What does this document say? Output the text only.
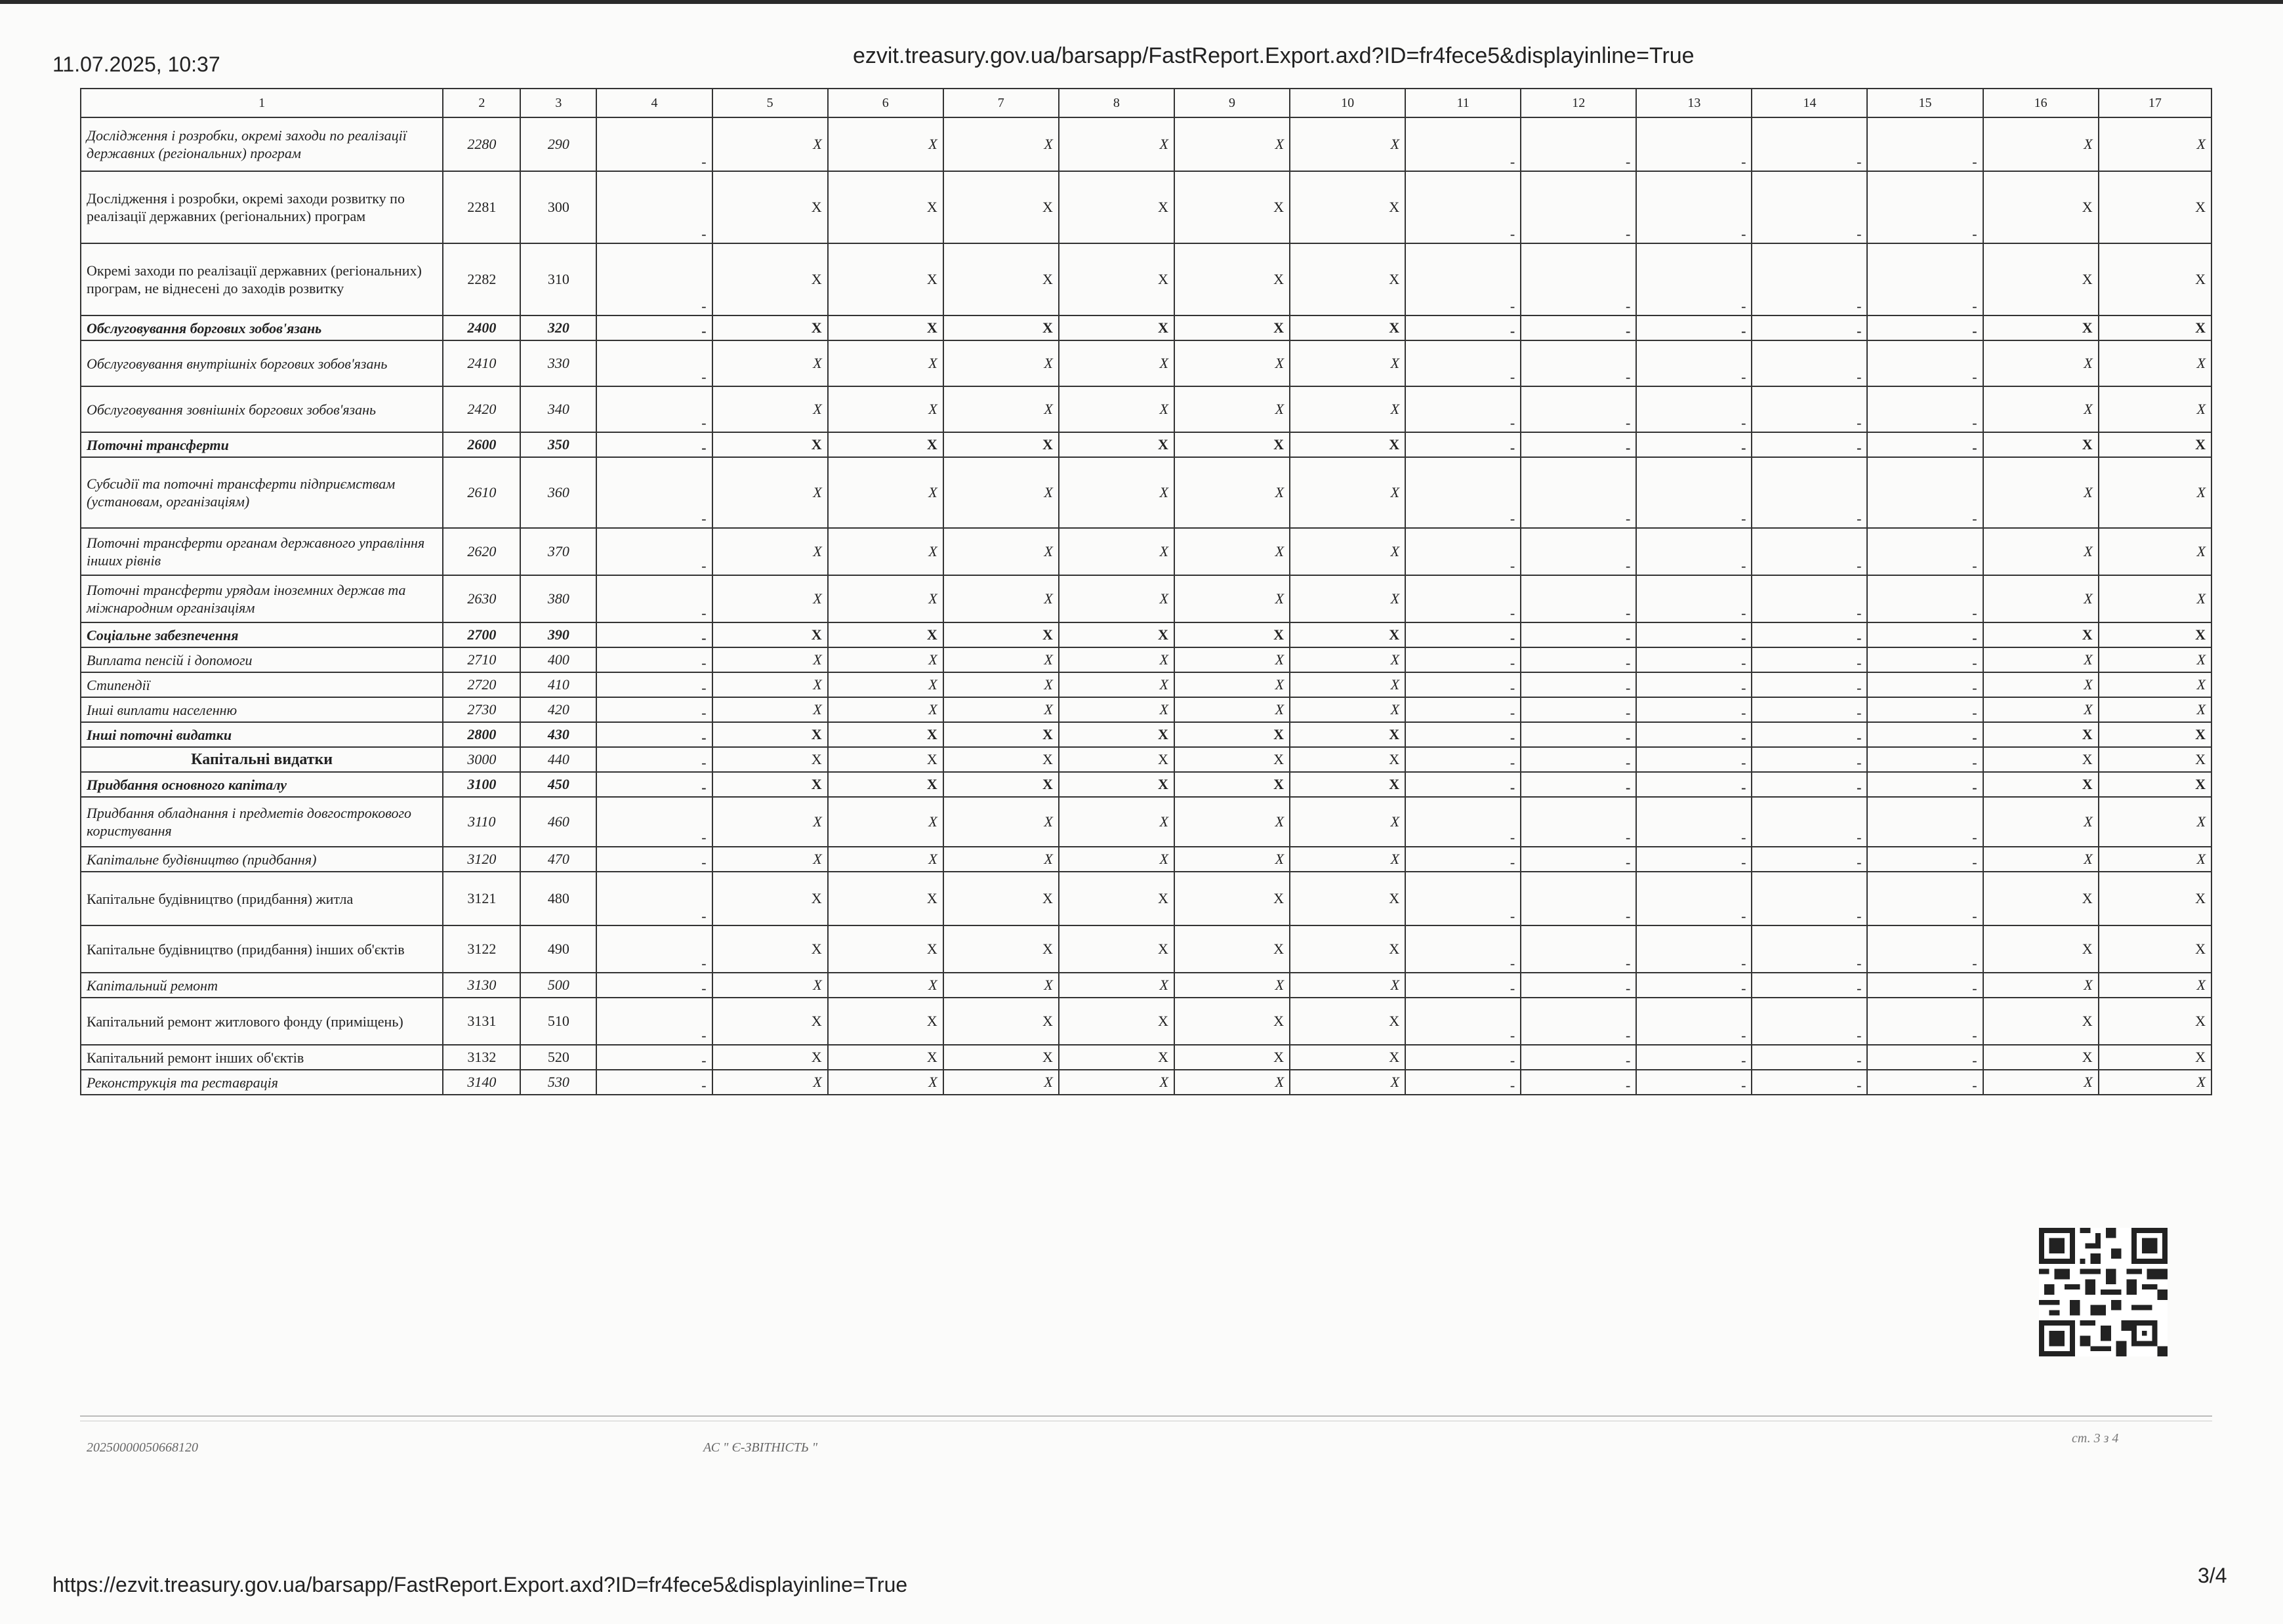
11.07.2025, 10:37	ezvit.treasury.gov.ua/barsapp/FastReport.Export.axd?ID=fr4fece5&displayinline=True
1	2	3	4	5	6	7	8	9	10	11	12	13	14	15	16	17
Дослідження і розробки, окремі заходи по реалізації державних (регіональних) програм	2280	290	-	X	X	X	X	X	X	-	-	-	-	-	X	X
Дослідження і розробки, окремі заходи розвитку по реалізації державних (регіональних) програм	2281	300	-	X	X	X	X	X	X	-	-	-	-	-	X	X
Окремі заходи по реалізації державних (регіональних) програм, не віднесені до заходів розвитку	2282	310	-	X	X	X	X	X	X	-	-	-	-	-	X	X
Обслуговування боргових зобов'язань	2400	320	-	X	X	X	X	X	X	-	-	-	-	-	X	X
Обслуговування внутрішніх боргових зобов'язань	2410	330	-	X	X	X	X	X	X	-	-	-	-	-	X	X
Обслуговування зовнішніх боргових зобов'язань	2420	340	-	X	X	X	X	X	X	-	-	-	-	-	X	X
Поточні трансферти	2600	350	-	X	X	X	X	X	X	-	-	-	-	-	X	X
Субсидії та поточні трансферти підприємствам (установам, організаціям)	2610	360	-	X	X	X	X	X	X	-	-	-	-	-	X	X
Поточні трансферти органам державного управління інших рівнів	2620	370	-	X	X	X	X	X	X	-	-	-	-	-	X	X
Поточні трансферти урядам іноземних держав та міжнародним організаціям	2630	380	-	X	X	X	X	X	X	-	-	-	-	-	X	X
Соціальне забезпечення	2700	390	-	X	X	X	X	X	X	-	-	-	-	-	X	X
Виплата пенсій і допомоги	2710	400	-	X	X	X	X	X	X	-	-	-	-	-	X	X
Стипендії	2720	410	-	X	X	X	X	X	X	-	-	-	-	-	X	X
Інші виплати населенню	2730	420	-	X	X	X	X	X	X	-	-	-	-	-	X	X
Інші поточні видатки	2800	430	-	X	X	X	X	X	X	-	-	-	-	-	X	X
Капітальні видатки	3000	440	-	X	X	X	X	X	X	-	-	-	-	-	X	X
Придбання основного капіталу	3100	450	-	X	X	X	X	X	X	-	-	-	-	-	X	X
Придбання обладнання і предметів довгострокового користування	3110	460	-	X	X	X	X	X	X	-	-	-	-	-	X	X
Капітальне будівництво (придбання)	3120	470	-	X	X	X	X	X	X	-	-	-	-	-	X	X
Капітальне будівництво (придбання) житла	3121	480	-	X	X	X	X	X	X	-	-	-	-	-	X	X
Капітальне будівництво (придбання) інших об'єктів	3122	490	-	X	X	X	X	X	X	-	-	-	-	-	X	X
Капітальний ремонт	3130	500	-	X	X	X	X	X	X	-	-	-	-	-	X	X
Капітальний ремонт житлового фонду (приміщень)	3131	510	-	X	X	X	X	X	X	-	-	-	-	-	X	X
Капітальний ремонт інших об'єктів	3132	520	-	X	X	X	X	X	X	-	-	-	-	-	X	X
Реконструкція та реставрація	3140	530	-	X	X	X	X	X	X	-	-	-	-	-	X	X
20250000050668120	АС " Є-ЗВІТНІСТЬ "
ст. 3 з 4
https://ezvit.treasury.gov.ua/barsapp/FastReport.Export.axd?ID=fr4fece5&displayinline=True	3/4
